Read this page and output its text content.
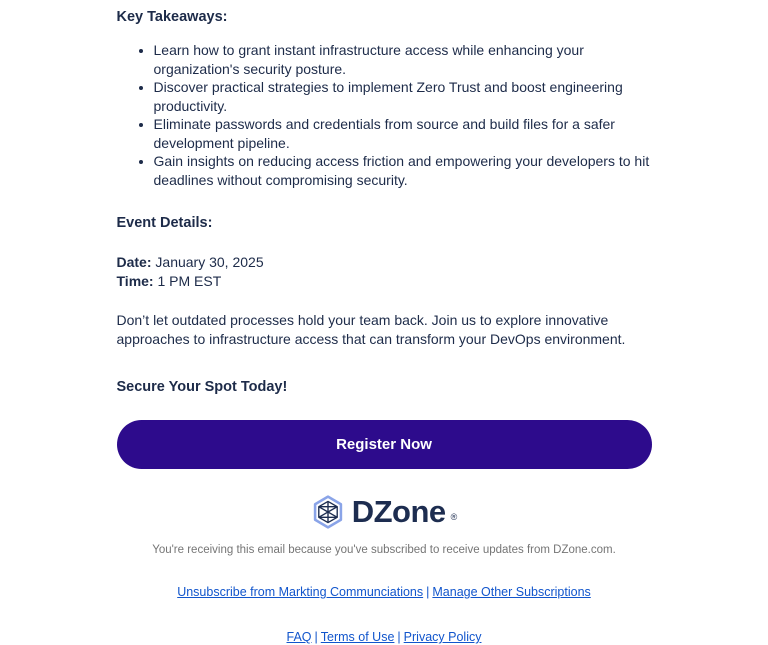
Key Takeaways:
• Learn how to grant instant infrastructure access while enhancing your organization's security posture.
• Discover practical strategies to implement Zero Trust and boost engineering productivity.
• Eliminate passwords and credentials from source and build files for a safer development pipeline.
• Gain insights on reducing access friction and empowering your developers to hit deadlines without compromising security.
Event Details:
Date: January 30, 2025
Time: 1 PM EST

Don’t let outdated processes hold your team back. Join us to explore innovative approaches to infrastructure access that can transform your DevOps environment.

Secure Your Spot Today!
Register Now
DZone ®

You're receiving this email because you've subscribed to receive updates from DZone.com.

Unsubscribe from Markting Communciations | Manage Other Subscriptions

FAQ | Terms of Use | Privacy Policy
